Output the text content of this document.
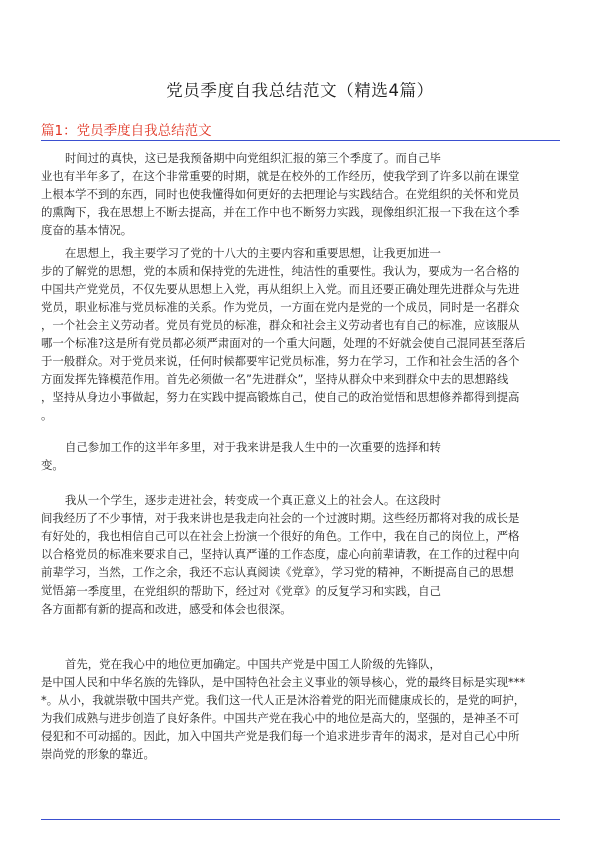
党员季度自我总结范文（精选4篇）
篇1：党员季度自我总结范文
时间过的真快，这已是我预备期中向党组织汇报的第三个季度了。而自己毕
业也有半年多了，在这个非常重要的时期，就是在校外的工作经历，使我学到了许多以前在课堂
上根本学不到的东西，同时也使我懂得如何更好的去把理论与实践结合。在党组织的关怀和党员
的熏陶下，我在思想上不断去提高，并在工作中也不断努力实践，现像组织汇报一下我在这个季
度奋的基本情况。
在思想上，我主要学习了党的十八大的主要内容和重要思想，让我更加进一
步的了解党的思想，党的本质和保持党的先进性，纯洁性的重要性。我认为，要成为一名合格的
中国共产党党员，不仅先要从思想上入党，再从组织上入党。而且还要正确处理先进群众与先进
党员，职业标准与党员标准的关系。作为党员，一方面在党内是党的一个成员，同时是一名群众
，一个社会主义劳动者。党员有党员的标准，群众和社会主义劳动者也有自己的标准，应该服从
哪一个标准?这是所有党员都必须严肃面对的一个重大问题，处理的不好就会使自己混同甚至落后
于一般群众。对于党员来说，任何时候都要牢记党员标准，努力在学习，工作和社会生活的各个
方面发挥先锋模范作用。首先必须做一名”先进群众”，坚持从群众中来到群众中去的思想路线
，坚持从身边小事做起，努力在实践中提高锻炼自己，使自己的政治觉悟和思想修养都得到提高
。
自己参加工作的这半年多里，对于我来讲是我人生中的一次重要的选择和转
变。
我从一个学生，逐步走进社会，转变成一个真正意义上的社会人。在这段时
间我经历了不少事情，对于我来讲也是我走向社会的一个过渡时期。这些经历都将对我的成长是
有好处的，我也相信自己可以在社会上扮演一个很好的角色。工作中，我在自己的岗位上，严格
以合格党员的标准来要求自己，坚持认真严谨的工作态度，虚心向前辈请教，在工作的过程中向
前辈学习，当然，工作之余，我还不忘认真阅读《党章》，学习党的精神，不断提高自己的思想
觉悟。
第一季度里，在党组织的帮助下，经过对《党章》的反复学习和实践，自己
各方面都有新的提高和改进，感受和体会也很深。
首先，党在我心中的地位更加确定。中国共产党是中国工人阶级的先锋队，
是中国人民和中华名族的先锋队，是中国特色社会主义事业的领导核心，党的最终目标是实现***
*。从小，我就崇敬中国共产党。我们这一代人正是沐浴着党的阳光而健康成长的，是党的呵护，
为我们成熟与进步创造了良好条件。中国共产党在我心中的地位是高大的，坚强的，是神圣不可
侵犯和不可动摇的。因此，加入中国共产党是我们每一个追求进步青年的渴求，是对自己心中所
崇尚党的形象的靠近。
